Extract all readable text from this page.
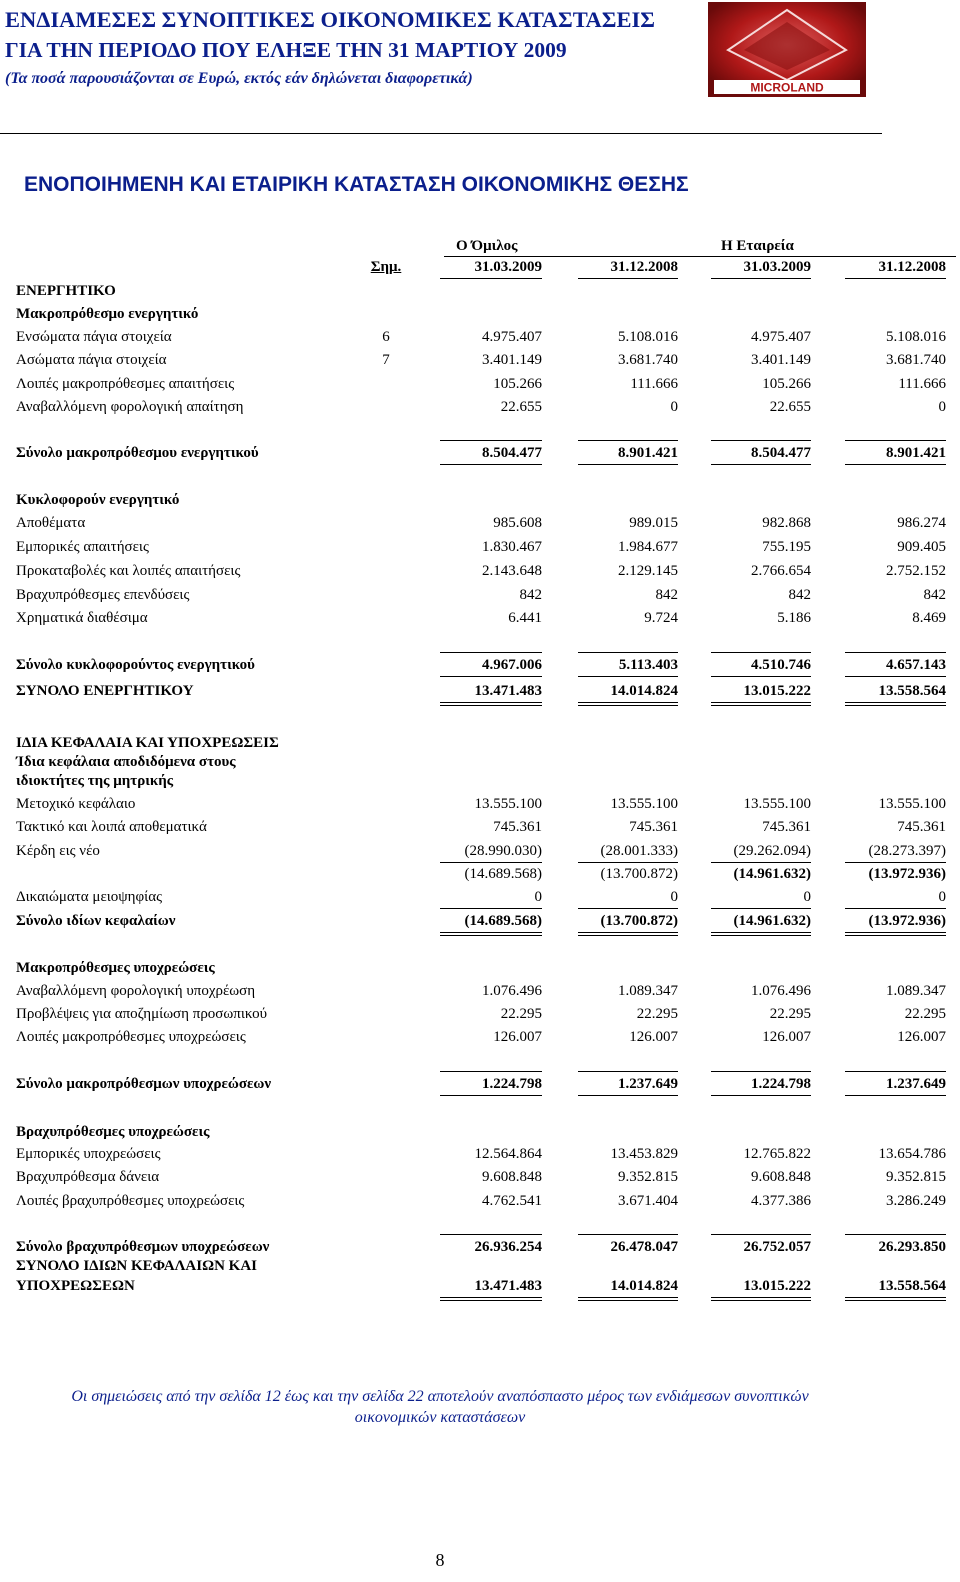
ΕΝΔΙΑΜΕΣΕΣ ΣΥΝΟΠΤΙΚΕΣ ΟΙΚΟΝΟΜΙΚΕΣ ΚΑΤΑΣΤΑΣΕΙΣ
ΓΙΑ ΤΗΝ ΠΕΡΙΟΔΟ ΠΟΥ ΕΛΗΞΕ ΤΗΝ 31 ΜΑΡΤΙΟΥ 2009
(Τα ποσά παρουσιάζονται σε Ευρώ, εκτός εάν δηλώνεται διαφορετικά)
MICROLAND
ΕΝΟΠΟΙΗΜΕΝΗ ΚΑΙ ΕΤΑΙΡΙΚΗ ΚΑΤΑΣΤΑΣΗ ΟΙΚΟΝΟΜΙΚΗΣ ΘΕΣΗΣ
Ο Όμιλος	Η Εταιρεία
Σημ.	31.03.2009	31.12.2008	31.03.2009	31.12.2008
ΕΝΕΡΓΗΤΙΚΟ
Μακροπρόθεσμο ενεργητικό
Ενσώματα πάγια στοιχεία	6	4.975.407	5.108.016	4.975.407	5.108.016
Ασώματα πάγια στοιχεία	7	3.401.149	3.681.740	3.401.149	3.681.740
Λοιπές μακροπρόθεσμες απαιτήσεις	105.266	111.666	105.266	111.666
Αναβαλλόμενη φορολογική απαίτηση	22.655	0	22.655	0
Σύνολο μακροπρόθεσμου ενεργητικού	8.504.477	8.901.421	8.504.477	8.901.421
Κυκλοφορούν ενεργητικό
Αποθέματα	985.608	989.015	982.868	986.274
Εμπορικές απαιτήσεις	1.830.467	1.984.677	755.195	909.405
Προκαταβολές και λοιπές απαιτήσεις	2.143.648	2.129.145	2.766.654	2.752.152
Βραχυπρόθεσμες επενδύσεις	842	842	842	842
Χρηματικά διαθέσιμα	6.441	9.724	5.186	8.469
Σύνολο κυκλοφορούντος ενεργητικού	4.967.006	5.113.403	4.510.746	4.657.143
ΣΥΝΟΛΟ ΕΝΕΡΓΗΤΙΚΟΥ	13.471.483	14.014.824	13.015.222	13.558.564
ΙΔΙΑ ΚΕΦΑΛΑΙΑ ΚΑΙ ΥΠΟΧΡΕΩΣΕΙΣ
Ίδια κεφάλαια αποδιδόμενα στους
ιδιοκτήτες της μητρικής
Μετοχικό κεφάλαιο	13.555.100	13.555.100	13.555.100	13.555.100
Τακτικό και λοιπά αποθεματικά	745.361	745.361	745.361	745.361
Κέρδη εις νέο	(28.990.030)	(28.001.333)	(29.262.094)	(28.273.397)
(14.689.568)	(13.700.872)	(14.961.632)	(13.972.936)
Δικαιώματα μειοψηφίας	0	0	0	0
Σύνολο ιδίων κεφαλαίων	(14.689.568)	(13.700.872)	(14.961.632)	(13.972.936)
Μακροπρόθεσμες υποχρεώσεις
Αναβαλλόμενη φορολογική υποχρέωση	1.076.496	1.089.347	1.076.496	1.089.347
Προβλέψεις για αποζημίωση προσωπικού	22.295	22.295	22.295	22.295
Λοιπές μακροπρόθεσμες υποχρεώσεις	126.007	126.007	126.007	126.007
Σύνολο μακροπρόθεσμων υποχρεώσεων	1.224.798	1.237.649	1.224.798	1.237.649
Βραχυπρόθεσμες υποχρεώσεις
Εμπορικές υποχρεώσεις	12.564.864	13.453.829	12.765.822	13.654.786
Βραχυπρόθεσμα δάνεια	9.608.848	9.352.815	9.608.848	9.352.815
Λοιπές βραχυπρόθεσμες υποχρεώσεις	4.762.541	3.671.404	4.377.386	3.286.249
Σύνολο βραχυπρόθεσμων υποχρεώσεων	26.936.254	26.478.047	26.752.057	26.293.850
ΣΥΝΟΛΟ ΙΔΙΩΝ ΚΕΦΑΛΑΙΩΝ ΚΑΙ
ΥΠΟΧΡΕΩΣΕΩΝ	13.471.483	14.014.824	13.015.222	13.558.564
Οι σημειώσεις από την σελίδα 12 έως και την σελίδα 22 αποτελούν αναπόσπαστο μέρος των ενδιάμεσων συνοπτικών
οικονομικών καταστάσεων
8
